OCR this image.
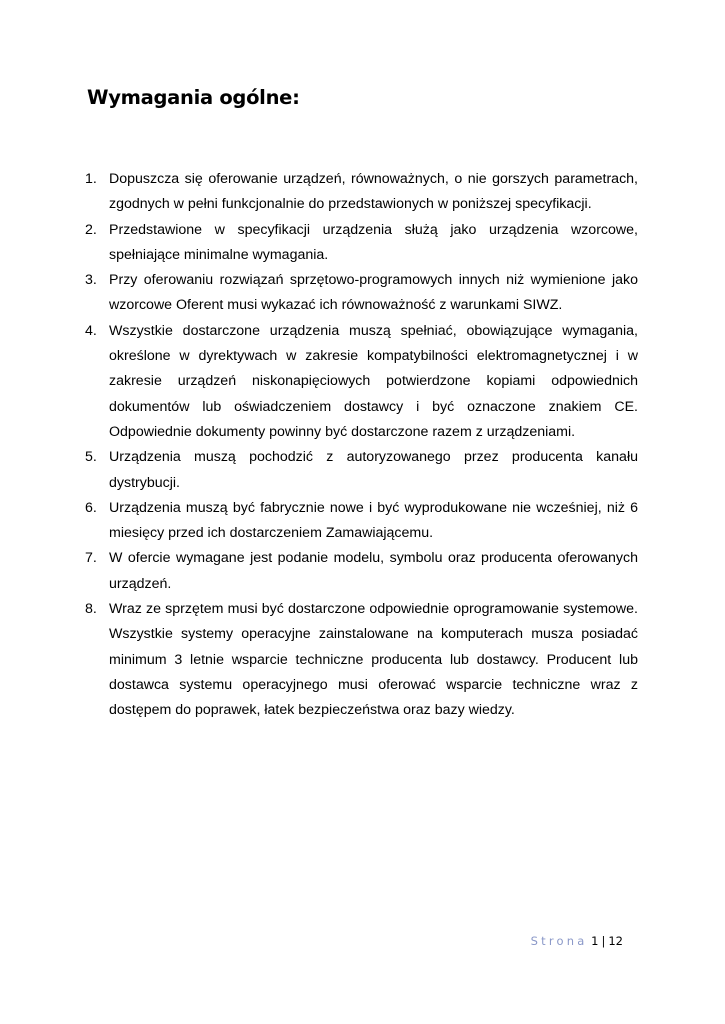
Wymagania ogólne:
1. Dopuszcza się oferowanie urządzeń, równoważnych, o nie gorszych parametrach, zgodnych w pełni funkcjonalnie do przedstawionych w poniższej specyfikacji.
2. Przedstawione w specyfikacji urządzenia służą jako urządzenia wzorcowe, spełniające minimalne wymagania.
3. Przy oferowaniu rozwiązań sprzętowo-programowych innych niż wymienione jako wzorcowe Oferent musi wykazać ich równoważność z warunkami SIWZ.
4. Wszystkie dostarczone urządzenia muszą spełniać, obowiązujące wymagania, określone w dyrektywach w zakresie kompatybilności elektromagnetycznej i w zakresie urządzeń niskonapięciowych potwierdzone kopiami odpowiednich dokumentów lub oświadczeniem dostawcy i być oznaczone znakiem CE. Odpowiednie dokumenty powinny być dostarczone razem z urządzeniami.
5. Urządzenia muszą pochodzić z autoryzowanego przez producenta kanału dystrybucji.
6. Urządzenia muszą być fabrycznie nowe i być wyprodukowane nie wcześniej, niż 6 miesięcy przed ich dostarczeniem Zamawiającemu.
7. W ofercie wymagane jest podanie modelu, symbolu oraz producenta oferowanych urządzeń.
8. Wraz ze sprzętem musi być dostarczone odpowiednie oprogramowanie systemowe. Wszystkie systemy operacyjne zainstalowane na komputerach musza posiadać minimum 3 letnie wsparcie techniczne producenta lub dostawcy. Producent lub dostawca systemu operacyjnego musi oferować wsparcie techniczne wraz z dostępem do poprawek, łatek bezpieczeństwa oraz bazy wiedzy.
Strona 1 | 12
